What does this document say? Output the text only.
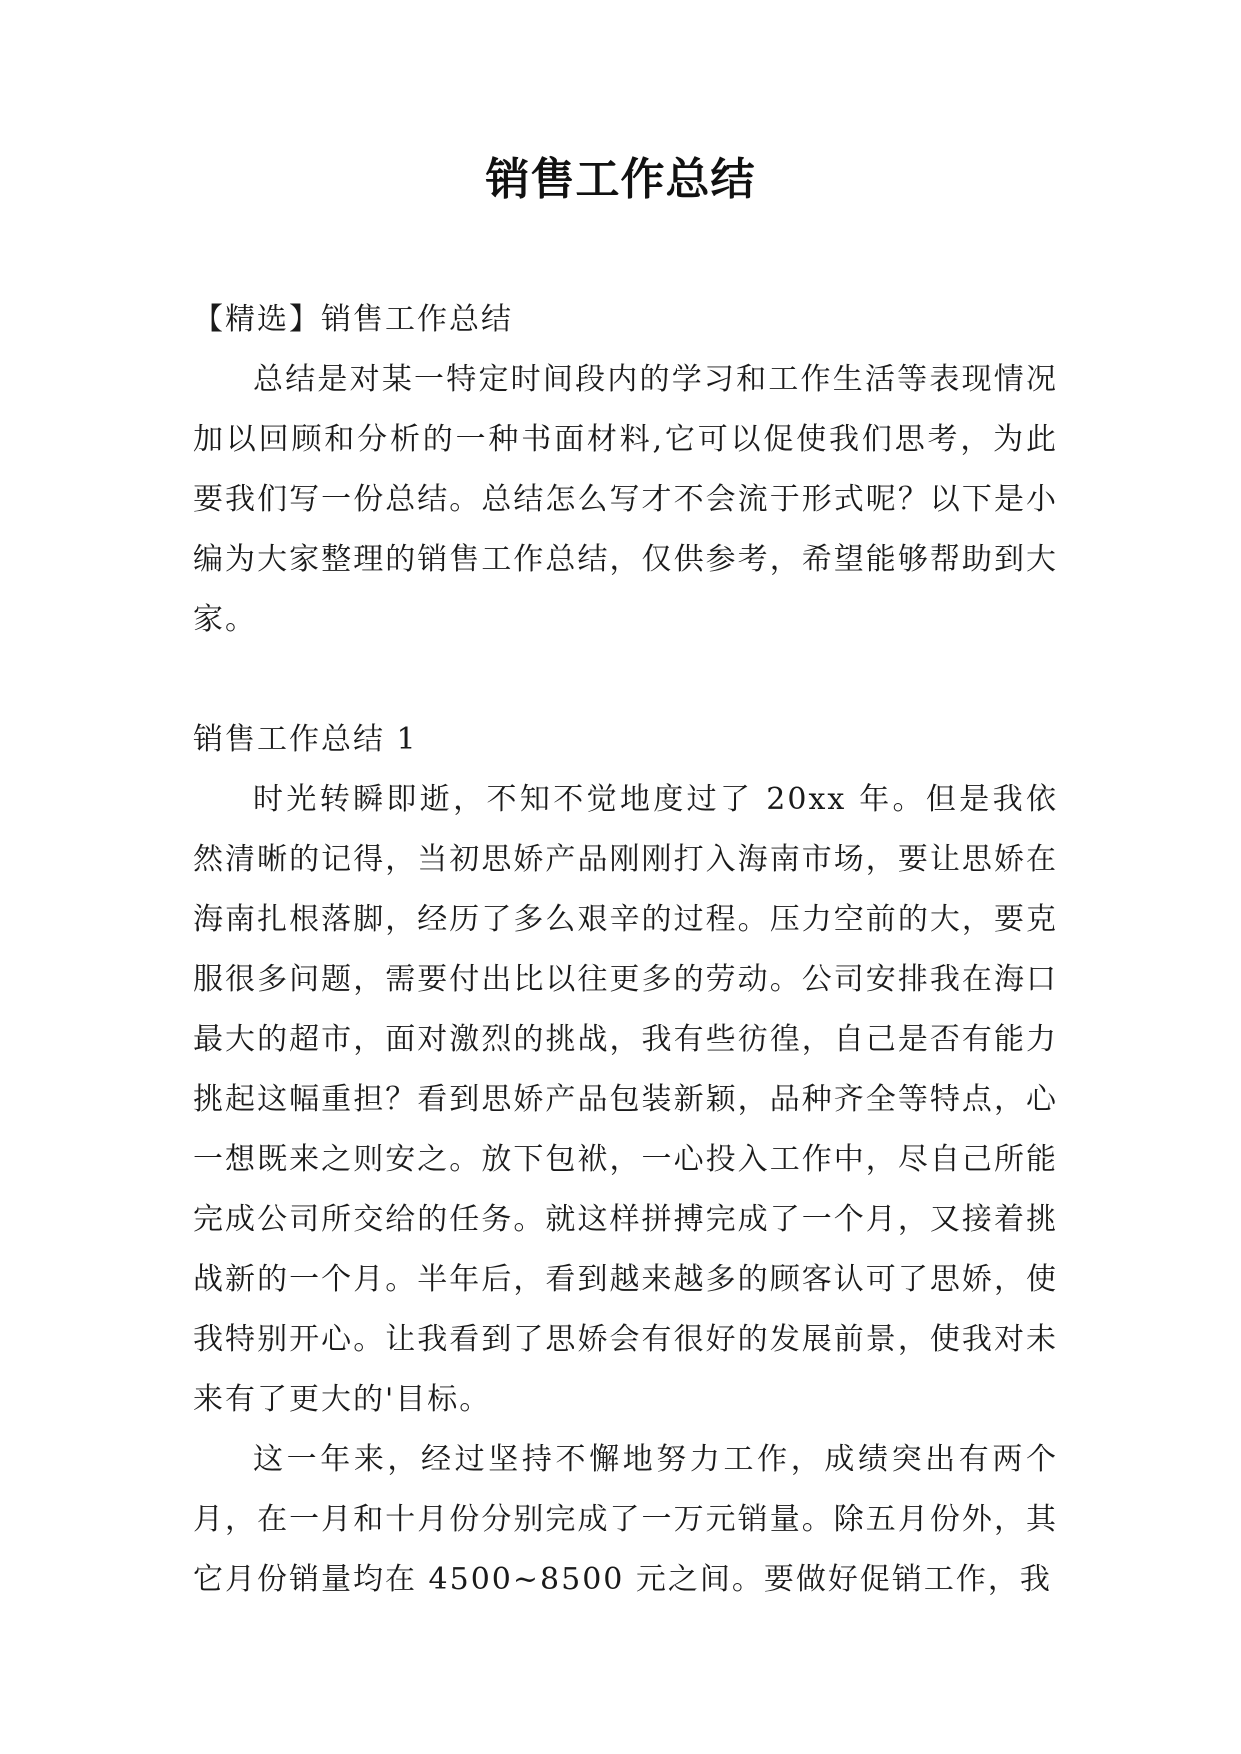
销售工作总结

【精选】销售工作总结

总结是对某一特定时间段内的学习和工作生活等表现情况加以回顾和分析的一种书面材料,它可以促使我们思考，为此要我们写一份总结。总结怎么写才不会流于形式呢？以下是小编为大家整理的销售工作总结，仅供参考，希望能够帮助到大家。

销售工作总结 1

时光转瞬即逝，不知不觉地度过了 20xx 年。但是我依然清晰的记得，当初思娇产品刚刚打入海南市场，要让思娇在海南扎根落脚，经历了多么艰辛的过程。压力空前的大，要克服很多问题，需要付出比以往更多的劳动。公司安排我在海口最大的超市，面对激烈的挑战，我有些彷徨，自己是否有能力挑起这幅重担？看到思娇产品包装新颖，品种齐全等特点，心一想既来之则安之。放下包袱，一心投入工作中，尽自己所能完成公司所交给的任务。就这样拼搏完成了一个月，又接着挑战新的一个月。半年后，看到越来越多的顾客认可了思娇，使我特别开心。让我看到了思娇会有很好的发展前景，使我对未来有了更大的'目标。

这一年来，经过坚持不懈地努力工作，成绩突出有两个月，在一月和十月份分别完成了一万元销量。除五月份外，其它月份销量均在 4500~8500 元之间。要做好促销工作，我
